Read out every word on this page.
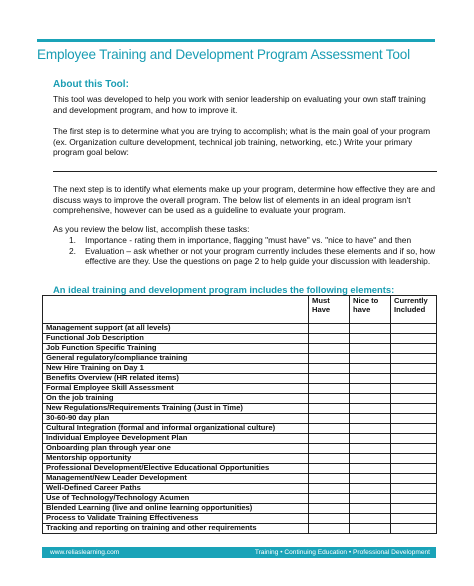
Employee Training and Development Program Assessment Tool
About this Tool:
This tool was developed to help you work with senior leadership on evaluating your own staff training and development program, and how to improve it.
The first step is to determine what you are trying to accomplish; what is the main goal of your program (ex. Organization culture development, technical job training, networking, etc.) Write your primary program goal below:
The next step is to identify what elements make up your program, determine how effective they are and discuss ways to improve the overall program. The below list of elements in an ideal program isn't comprehensive, however can be used as a guideline to evaluate your program.
As you review the below list, accomplish these tasks:
1.	Importance - rating them in importance, flagging "must have" vs. "nice to have" and then
2.	Evaluation – ask whether or not your program currently includes these elements and if so, how effective are they. Use the questions on page 2 to help guide your discussion with leadership.
An ideal training and development program includes the following elements:
	Must Have	Nice to have	Currently Included
Management support (at all levels)			
Functional Job Description			
Job Function Specific Training			
General regulatory/compliance training			
New Hire Training on Day 1			
Benefits Overview (HR related items)			
Formal Employee Skill Assessment			
On the job training			
New Regulations/Requirements Training (Just in Time)			
30-60-90 day plan			
Cultural Integration (formal and informal organizational culture)			
Individual Employee Development Plan			
Onboarding plan through year one			
Mentorship opportunity			
Professional Development/Elective Educational Opportunities			
Management/New Leader Development			
Well-Defined Career Paths			
Use of Technology/Technology Acumen			
Blended Learning (live and online learning opportunities)			
Process to Validate Training Effectiveness			
Tracking and reporting on training and other requirements			
www.reliaslearning.com	Training • Continuing Education • Professional Development
